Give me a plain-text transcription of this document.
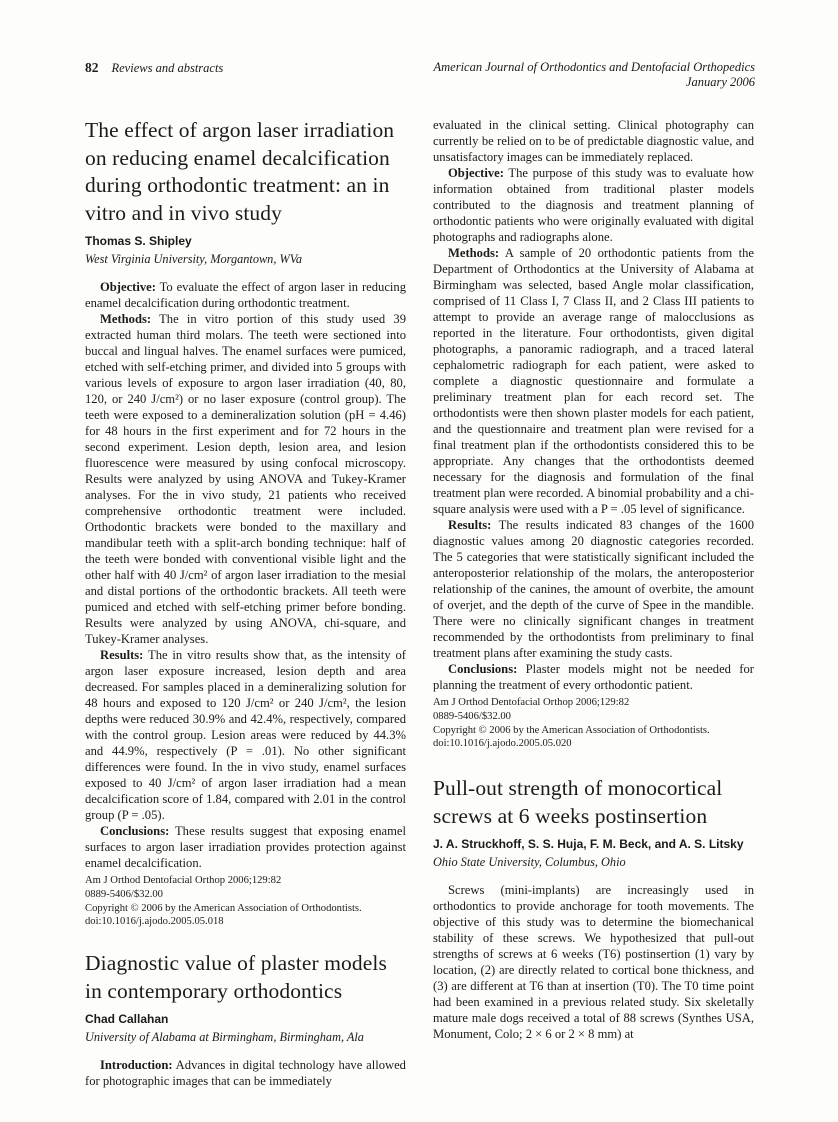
82 Reviews and abstracts	American Journal of Orthodontics and Dentofacial Orthopedics
January 2006
The effect of argon laser irradiation on reducing enamel decalcification during orthodontic treatment: an in vitro and in vivo study
Thomas S. Shipley
West Virginia University, Morgantown, WVa

Objective: To evaluate the effect of argon laser in reducing enamel decalcification during orthodontic treatment.

Methods: The in vitro portion of this study used 39 extracted human third molars. The teeth were sectioned into buccal and lingual halves. The enamel surfaces were pumiced, etched with self-etching primer, and divided into 5 groups with various levels of exposure to argon laser irradiation (40, 80, 120, or 240 J/cm²) or no laser exposure (control group). The teeth were exposed to a demineralization solution (pH = 4.46) for 48 hours in the first experiment and for 72 hours in the second experiment. Lesion depth, lesion area, and lesion fluorescence were measured by using confocal microscopy. Results were analyzed by using ANOVA and Tukey-Kramer analyses. For the in vivo study, 21 patients who received comprehensive orthodontic treatment were included. Orthodontic brackets were bonded to the maxillary and mandibular teeth with a split-arch bonding technique: half of the teeth were bonded with conventional visible light and the other half with 40 J/cm² of argon laser irradiation to the mesial and distal portions of the orthodontic brackets. All teeth were pumiced and etched with self-etching primer before bonding. Results were analyzed by using ANOVA, chi-square, and Tukey-Kramer analyses.

Results: The in vitro results show that, as the intensity of argon laser exposure increased, lesion depth and area decreased. For samples placed in a demineralizing solution for 48 hours and exposed to 120 J/cm² or 240 J/cm², the lesion depths were reduced 30.9% and 42.4%, respectively, compared with the control group. Lesion areas were reduced by 44.3% and 44.9%, respectively (P = .01). No other significant differences were found. In the in vivo study, enamel surfaces exposed to 40 J/cm² of argon laser irradiation had a mean decalcification score of 1.84, compared with 2.01 in the control group (P = .05).

Conclusions: These results suggest that exposing enamel surfaces to argon laser irradiation provides protection against enamel decalcification.

Am J Orthod Dentofacial Orthop 2006;129:82
0889-5406/$32.00
Copyright © 2006 by the American Association of Orthodontists.
doi:10.1016/j.ajodo.2005.05.018
Diagnostic value of plaster models in contemporary orthodontics
Chad Callahan
University of Alabama at Birmingham, Birmingham, Ala

Introduction: Advances in digital technology have allowed for photographic images that can be immediately

evaluated in the clinical setting. Clinical photography can currently be relied on to be of predictable diagnostic value, and unsatisfactory images can be immediately replaced.

Objective: The purpose of this study was to evaluate how information obtained from traditional plaster models contributed to the diagnosis and treatment planning of orthodontic patients who were originally evaluated with digital photographs and radiographs alone.

Methods: A sample of 20 orthodontic patients from the Department of Orthodontics at the University of Alabama at Birmingham was selected, based Angle molar classification, comprised of 11 Class I, 7 Class II, and 2 Class III patients to attempt to provide an average range of malocclusions as reported in the literature. Four orthodontists, given digital photographs, a panoramic radiograph, and a traced lateral cephalometric radiograph for each patient, were asked to complete a diagnostic questionnaire and formulate a preliminary treatment plan for each record set. The orthodontists were then shown plaster models for each patient, and the questionnaire and treatment plan were revised for a final treatment plan if the orthodontists considered this to be appropriate. Any changes that the orthodontists deemed necessary for the diagnosis and formulation of the final treatment plan were recorded. A binomial probability and a chi-square analysis were used with a P = .05 level of significance.

Results: The results indicated 83 changes of the 1600 diagnostic values among 20 diagnostic categories recorded. The 5 categories that were statistically significant included the anteroposterior relationship of the molars, the anteroposterior relationship of the canines, the amount of overbite, the amount of overjet, and the depth of the curve of Spee in the mandible. There were no clinically significant changes in treatment recommended by the orthodontists from preliminary to final treatment plans after examining the study casts.

Conclusions: Plaster models might not be needed for planning the treatment of every orthodontic patient.

Am J Orthod Dentofacial Orthop 2006;129:82
0889-5406/$32.00
Copyright © 2006 by the American Association of Orthodontists.
doi:10.1016/j.ajodo.2005.05.020
Pull-out strength of monocortical screws at 6 weeks postinsertion
J. A. Struckhoff, S. S. Huja, F. M. Beck, and A. S. Litsky
Ohio State University, Columbus, Ohio

Screws (mini-implants) are increasingly used in orthodontics to provide anchorage for tooth movements. The objective of this study was to determine the biomechanical stability of these screws. We hypothesized that pull-out strengths of screws at 6 weeks (T6) postinsertion (1) vary by location, (2) are directly related to cortical bone thickness, and (3) are different at T6 than at insertion (T0). The T0 time point had been examined in a previous related study. Six skeletally mature male dogs received a total of 88 screws (Synthes USA, Monument, Colo; 2 × 6 or 2 × 8 mm) at
